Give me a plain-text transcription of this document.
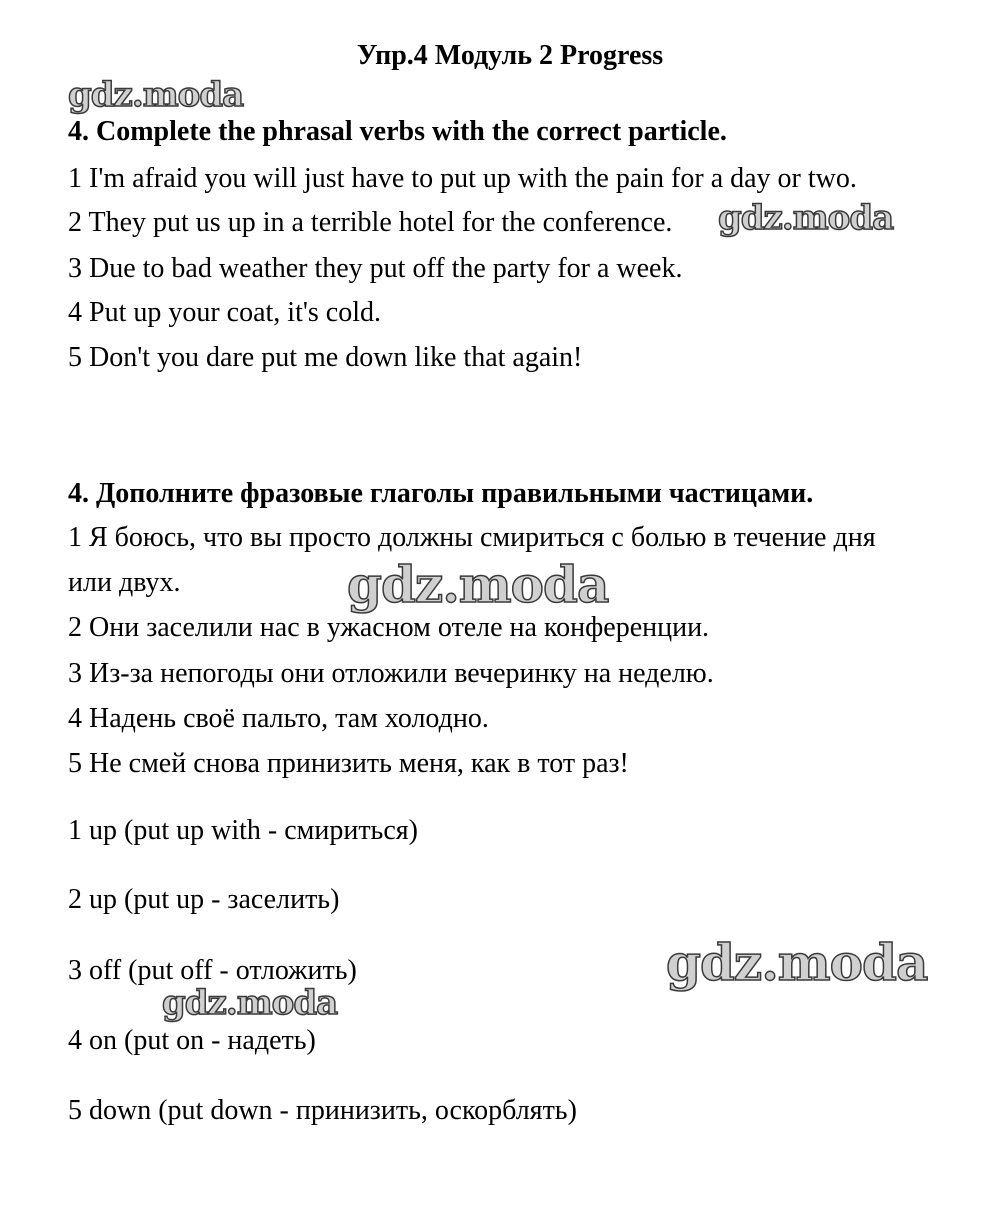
Упр.4 Модуль 2 Progress
gdz.moda
4. Complete the phrasal verbs with the correct particle.
1 I'm afraid you will just have to put up with the pain for a day or two.
2 They put us up in a terrible hotel for the conference. gdz.moda
3 Due to bad weather they put off the party for a week.
4 Put up your coat, it's cold.
5 Don't you dare put me down like that again!
4. Дополните фразовые глаголы правильными частицами.
1 Я боюсь, что вы просто должны смириться с болью в течение дня
или двух.	gdz.moda
2 Они заселили нас в ужасном отеле на конференции.
3 Из-за непогоды они отложили вечеринку на неделю.
4 Надень своё пальто, там холодно.
5 Не смей снова принизить меня, как в тот раз!
1 up (put up with - смириться)
2 up (put up - заселить)
3 off (put off - отложить)	gdz.moda
gdz.moda
4 on (put on - надеть)
5 down (put down - принизить, оскорблять)
